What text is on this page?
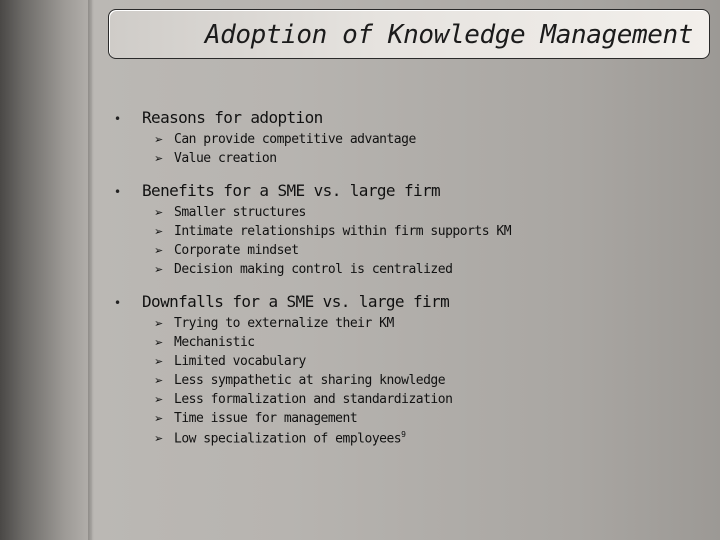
Adoption of Knowledge Management
•	Reasons for adoption
➢ Can provide competitive advantage
➢ Value creation
•	Benefits for a SME vs. large firm
➢ Smaller structures
➢ Intimate relationships within firm supports KM
➢ Corporate mindset
➢ Decision making control is centralized
•	Downfalls for a SME vs. large firm
➢ Trying to externalize their KM
➢ Mechanistic
➢ Limited vocabulary
➢ Less sympathetic at sharing knowledge
➢ Less formalization and standardization
➢ Time issue for management
➢ Low specialization of employees$^9$
